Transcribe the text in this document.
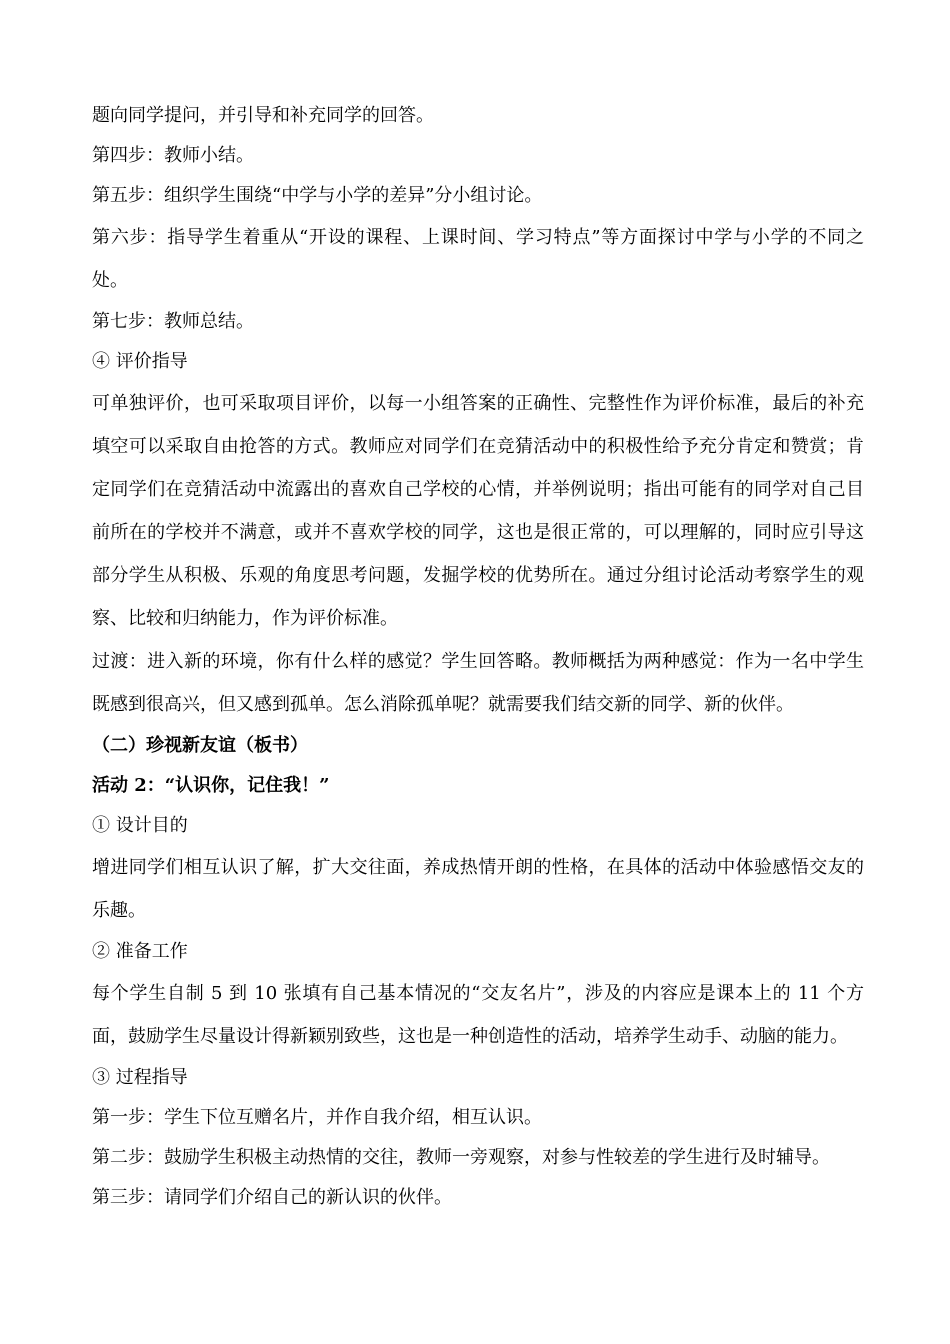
题向同学提问，并引导和补充同学的回答。

第四步：教师小结。

第五步：组织学生围绕“中学与小学的差异”分小组讨论。

第六步：指导学生着重从“开设的课程、上课时间、学习特点”等方面探讨中学与小学的不同之处。

第七步：教师总结。

④ 评价指导

可单独评价，也可采取项目评价，以每一小组答案的正确性、完整性作为评价标准，最后的补充填空可以采取自由抢答的方式。教师应对同学们在竞猜活动中的积极性给予充分肯定和赞赏；肯定同学们在竞猜活动中流露出的喜欢自己学校的心情，并举例说明；指出可能有的同学对自己目前所在的学校并不满意，或并不喜欢学校的同学，这也是很正常的，可以理解的，同时应引导这部分学生从积极、乐观的角度思考问题，发掘学校的优势所在。通过分组讨论活动考察学生的观察、比较和归纳能力，作为评价标准。

过渡：进入新的环境，你有什么样的感觉？学生回答略。教师概括为两种感觉：作为一名中学生既感到很高兴，但又感到孤单。怎么消除孤单呢？就需要我们结交新的同学、新的伙伴。

（二）珍视新友谊（板书）

活动 2：“认识你，记住我！”

① 设计目的

增进同学们相互认识了解，扩大交往面，养成热情开朗的性格，在具体的活动中体验感悟交友的乐趣。

② 准备工作

每个学生自制 5 到 10 张填有自己基本情况的“交友名片”，涉及的内容应是课本上的 11 个方面，鼓励学生尽量设计得新颖别致些，这也是一种创造性的活动，培养学生动手、动脑的能力。

③ 过程指导

第一步：学生下位互赠名片，并作自我介绍，相互认识。

第二步：鼓励学生积极主动热情的交往，教师一旁观察，对参与性较差的学生进行及时辅导。

第三步：请同学们介绍自己的新认识的伙伴。
